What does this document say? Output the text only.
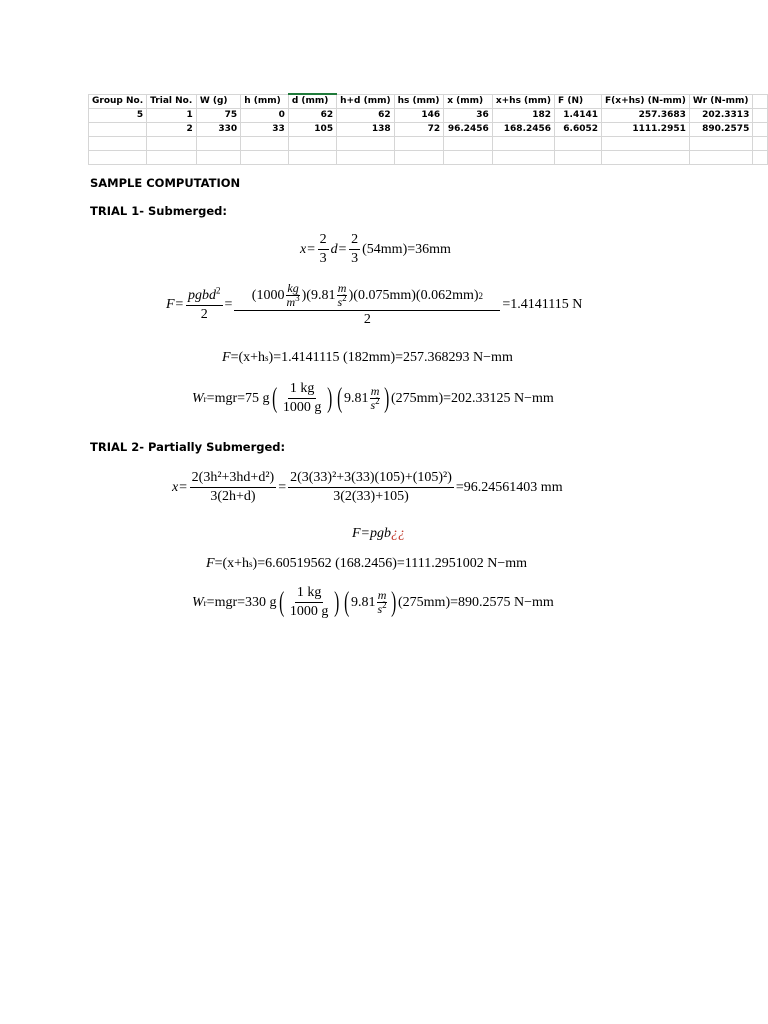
Group No.	Trial No.	W (g)	h (mm)	d (mm)	h+d (mm)	hs (mm)	x (mm)	x+hs (mm)	F (N)	F(x+hs) (N-mm)	Wr (N-mm)	
5	1	75	0	62	62	146	36	182	1.4141	257.3683	202.3313	
	2	330	33	105	138	72	96.2456	168.2456	6.6052	1111.2951	890.2575	

SAMPLE COMPUTATION
TRIAL 1- Submerged:
$x= \frac{2}{3} d= \frac{2}{3} (54mm)=36mm$
$F= \frac{pgbd^2}{2}$ =
$(1000 \frac{kg}{m^3} )(9.81 \frac{m}{s^2} )(0.075mm)(0.062mm)$ 2
2
=1.4141115 N
F =(x+h s )=1.4141115 (182mm)=257.368293 N−mm
W r =mgr=75 g ( $\frac{1 kg}{1000 g}$ ) ( $9.81 \frac{m}{s^2}$ ) (275mm)=202.33125 N−mm
TRIAL 2- Partially Submerged:
$x= \frac{\text{2(3h²+3hd+d²)}}{3(2h+d)} = \frac{\text{2(3(33)²+3(33)(105)+(105)²)}}{3(2(33)+105)} =96.24561403$ mm
F=pgb ¿¿
F =(x+h s )=6.60519562 (168.2456)=1111.2951002 N−mm
W r =mgr=330 g ( $\frac{1 kg}{1000 g}$ ) ( $9.81 \frac{m}{s^2}$ ) (275mm)=890.2575 N−mm
